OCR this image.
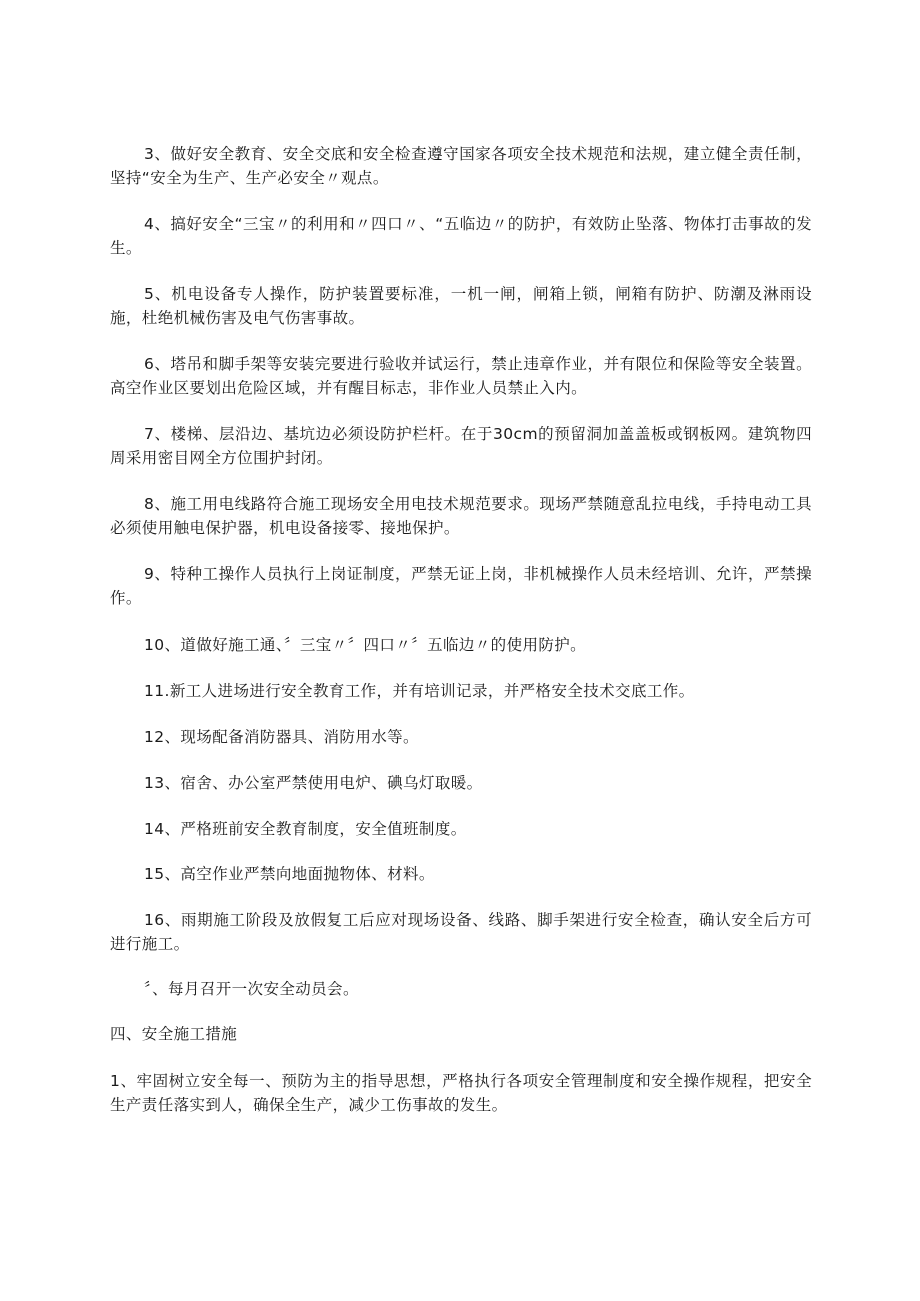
3、做好安全教育、安全交底和安全检查遵守国家各项安全技术规范和法规，建立健全责任制，坚持“安全为生产、生产必安全〃观点。

4、搞好安全“三宝〃的利用和〃四口〃、“五临边〃的防护，有效防止坠落、物体打击事故的发生。

5、机电设备专人操作，防护装置要标准，一机一闸，闸箱上锁，闸箱有防护、防潮及淋雨设施，杜绝机械伤害及电气伤害事故。

6、塔吊和脚手架等安装完要进行验收并试运行，禁止违章作业，并有限位和保险等安全装置。高空作业区要划出危险区域，并有醒目标志，非作业人员禁止入内。

7、楼梯、层沿边、基坑边必须设防护栏杆。在于30cm的预留洞加盖盖板或钢板网。建筑物四周采用密目网全方位围护封闭。

8、施工用电线路符合施工现场安全用电技术规范要求。现场严禁随意乱拉电线，手持电动工具必须使用触电保护器，机电设备接零、接地保护。

9、特种工操作人员执行上岗证制度，严禁无证上岗，非机械操作人员未经培训、允许，严禁操作。

10、道做好施工通、〞三宝〃〞四口〃〞五临边〃的使用防护。

11.新工人进场进行安全教育工作，并有培训记录，并严格安全技术交底工作。

12、现场配备消防器具、消防用水等。

13、宿舍、办公室严禁使用电炉、碘乌灯取暖。

14、严格班前安全教育制度，安全值班制度。

15、高空作业严禁向地面抛物体、材料。

16、雨期施工阶段及放假复工后应对现场设备、线路、脚手架进行安全检查，确认安全后方可进行施工。

〞、每月召开一次安全动员会。

四、安全施工措施

1、牢固树立安全每一、预防为主的指导思想，严格执行各项安全管理制度和安全操作规程，把安全生产责任落实到人，确保全生产，减少工伤事故的发生。
